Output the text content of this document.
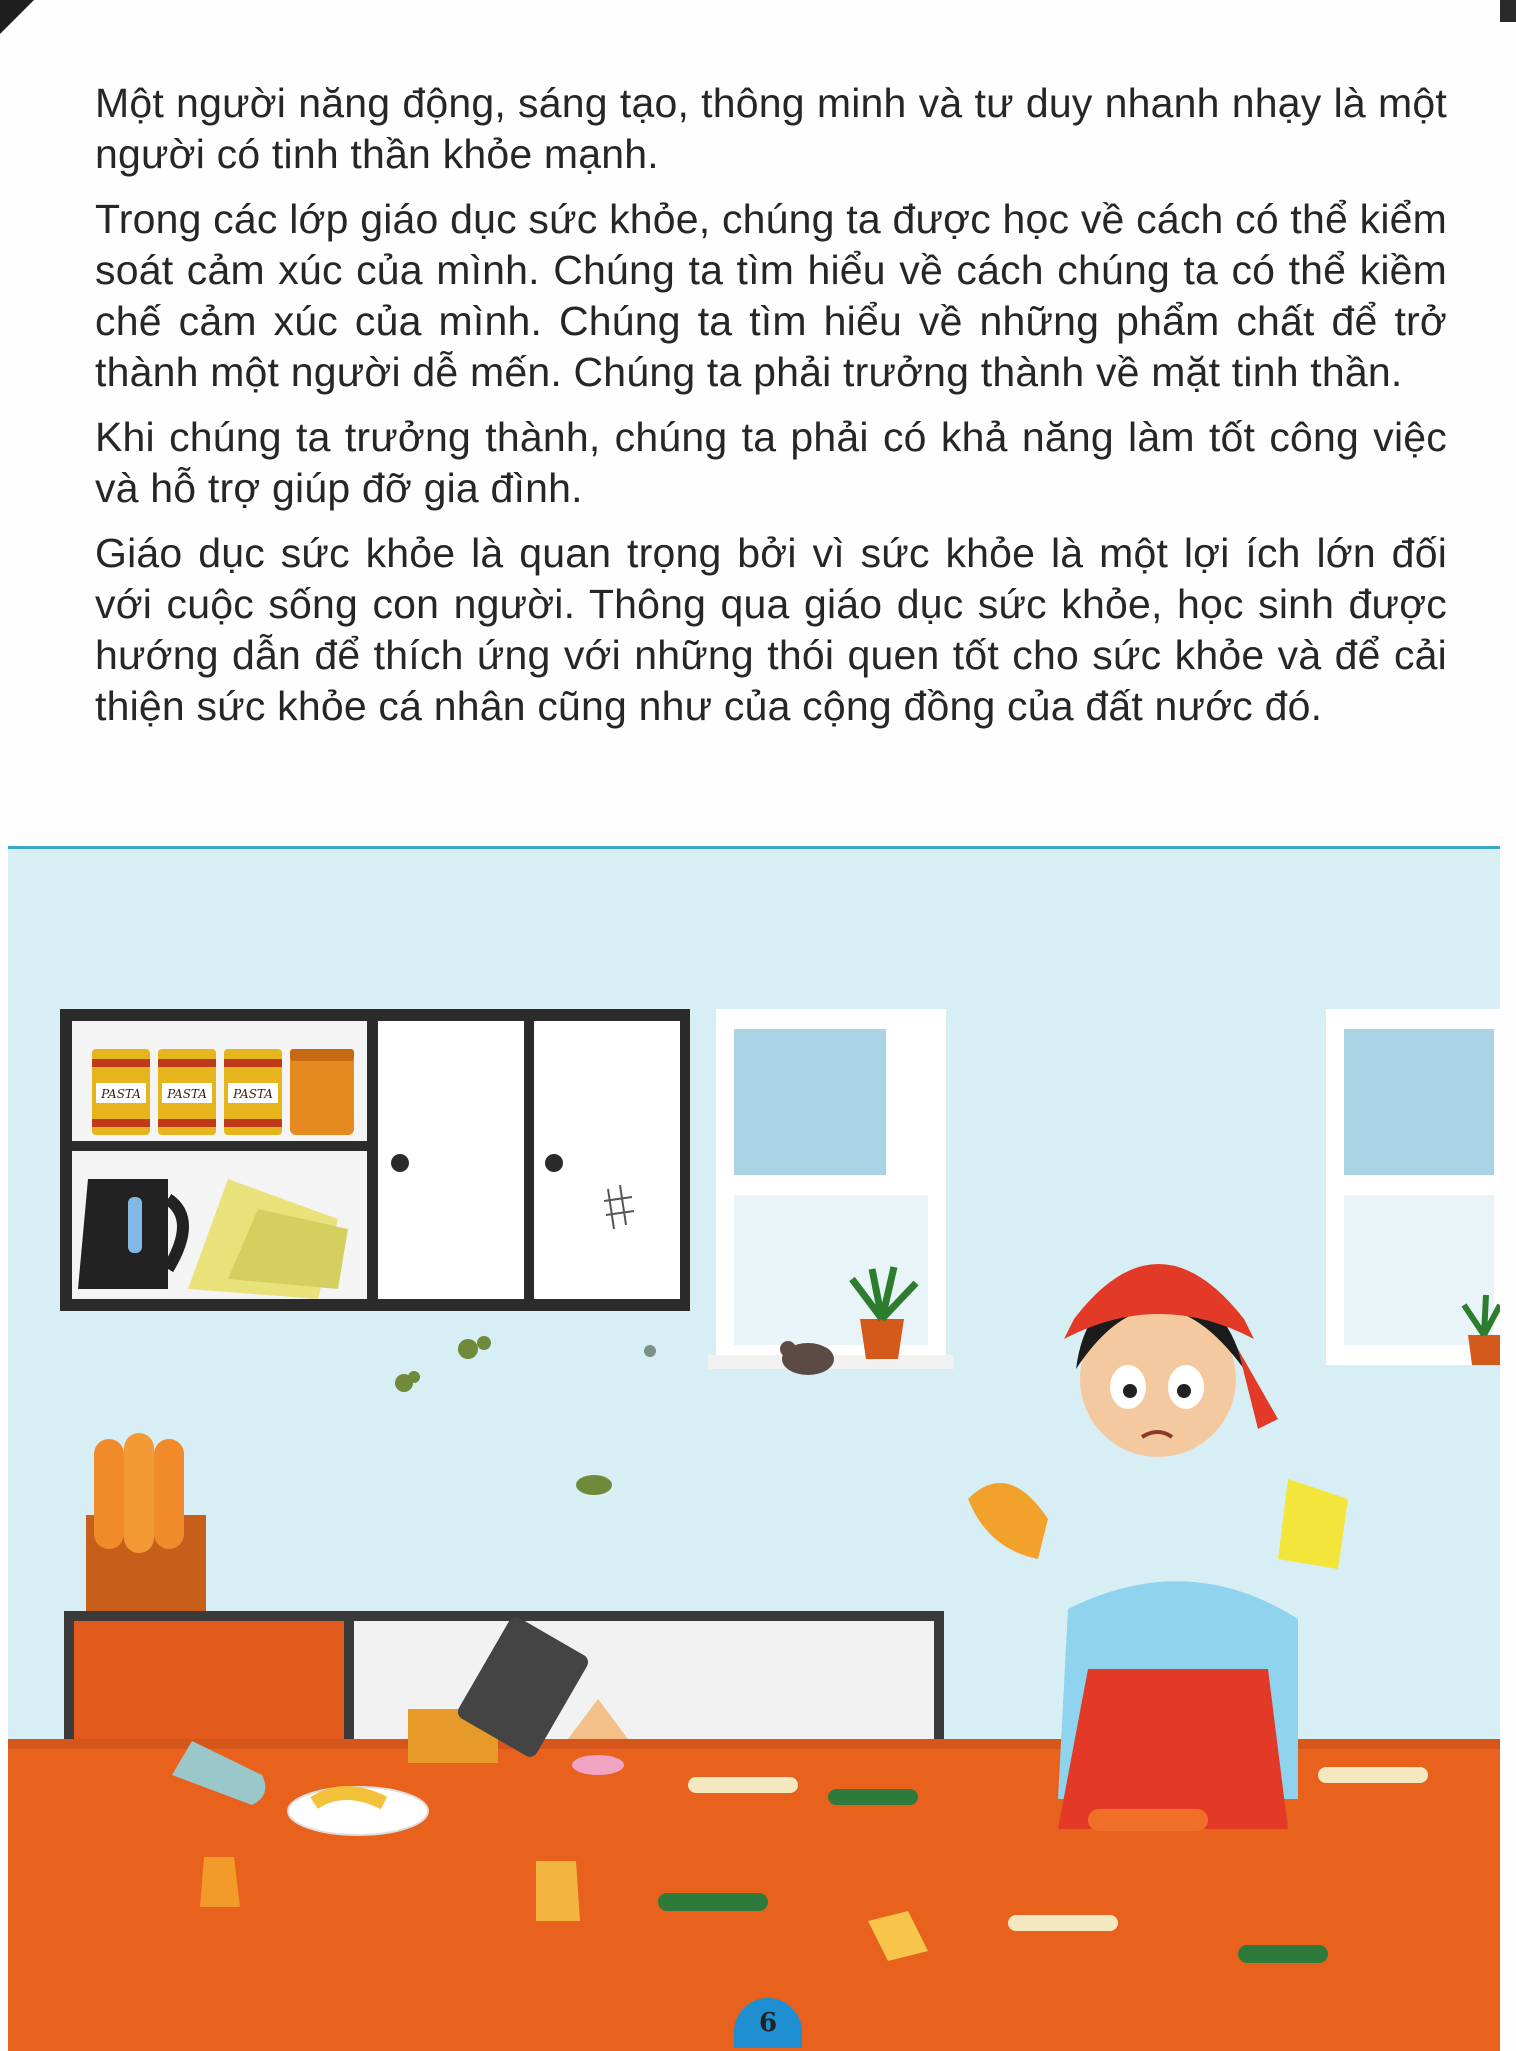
Một người năng động, sáng tạo, thông minh và tư duy nhanh nhạy là một người có tinh thần khỏe mạnh.

Trong các lớp giáo dục sức khỏe, chúng ta được học về cách có thể kiểm soát cảm xúc của mình. Chúng ta tìm hiểu về cách chúng ta có thể kiềm chế cảm xúc của mình. Chúng ta tìm hiểu về những phẩm chất để trở thành một người dễ mến. Chúng ta phải trưởng thành về mặt tinh thần.

Khi chúng ta trưởng thành, chúng ta phải có khả năng làm tốt công việc và hỗ trợ giúp đỡ gia đình.

Giáo dục sức khỏe là quan trọng bởi vì sức khỏe là một lợi ích lớn đối với cuộc sống con người. Thông qua giáo dục sức khỏe, học sinh được hướng dẫn để thích ứng với những thói quen tốt cho sức khỏe và để cải thiện sức khỏe cá nhân cũng như của cộng đồng của đất nước đó.

PASTA PASTA PASTA
6
